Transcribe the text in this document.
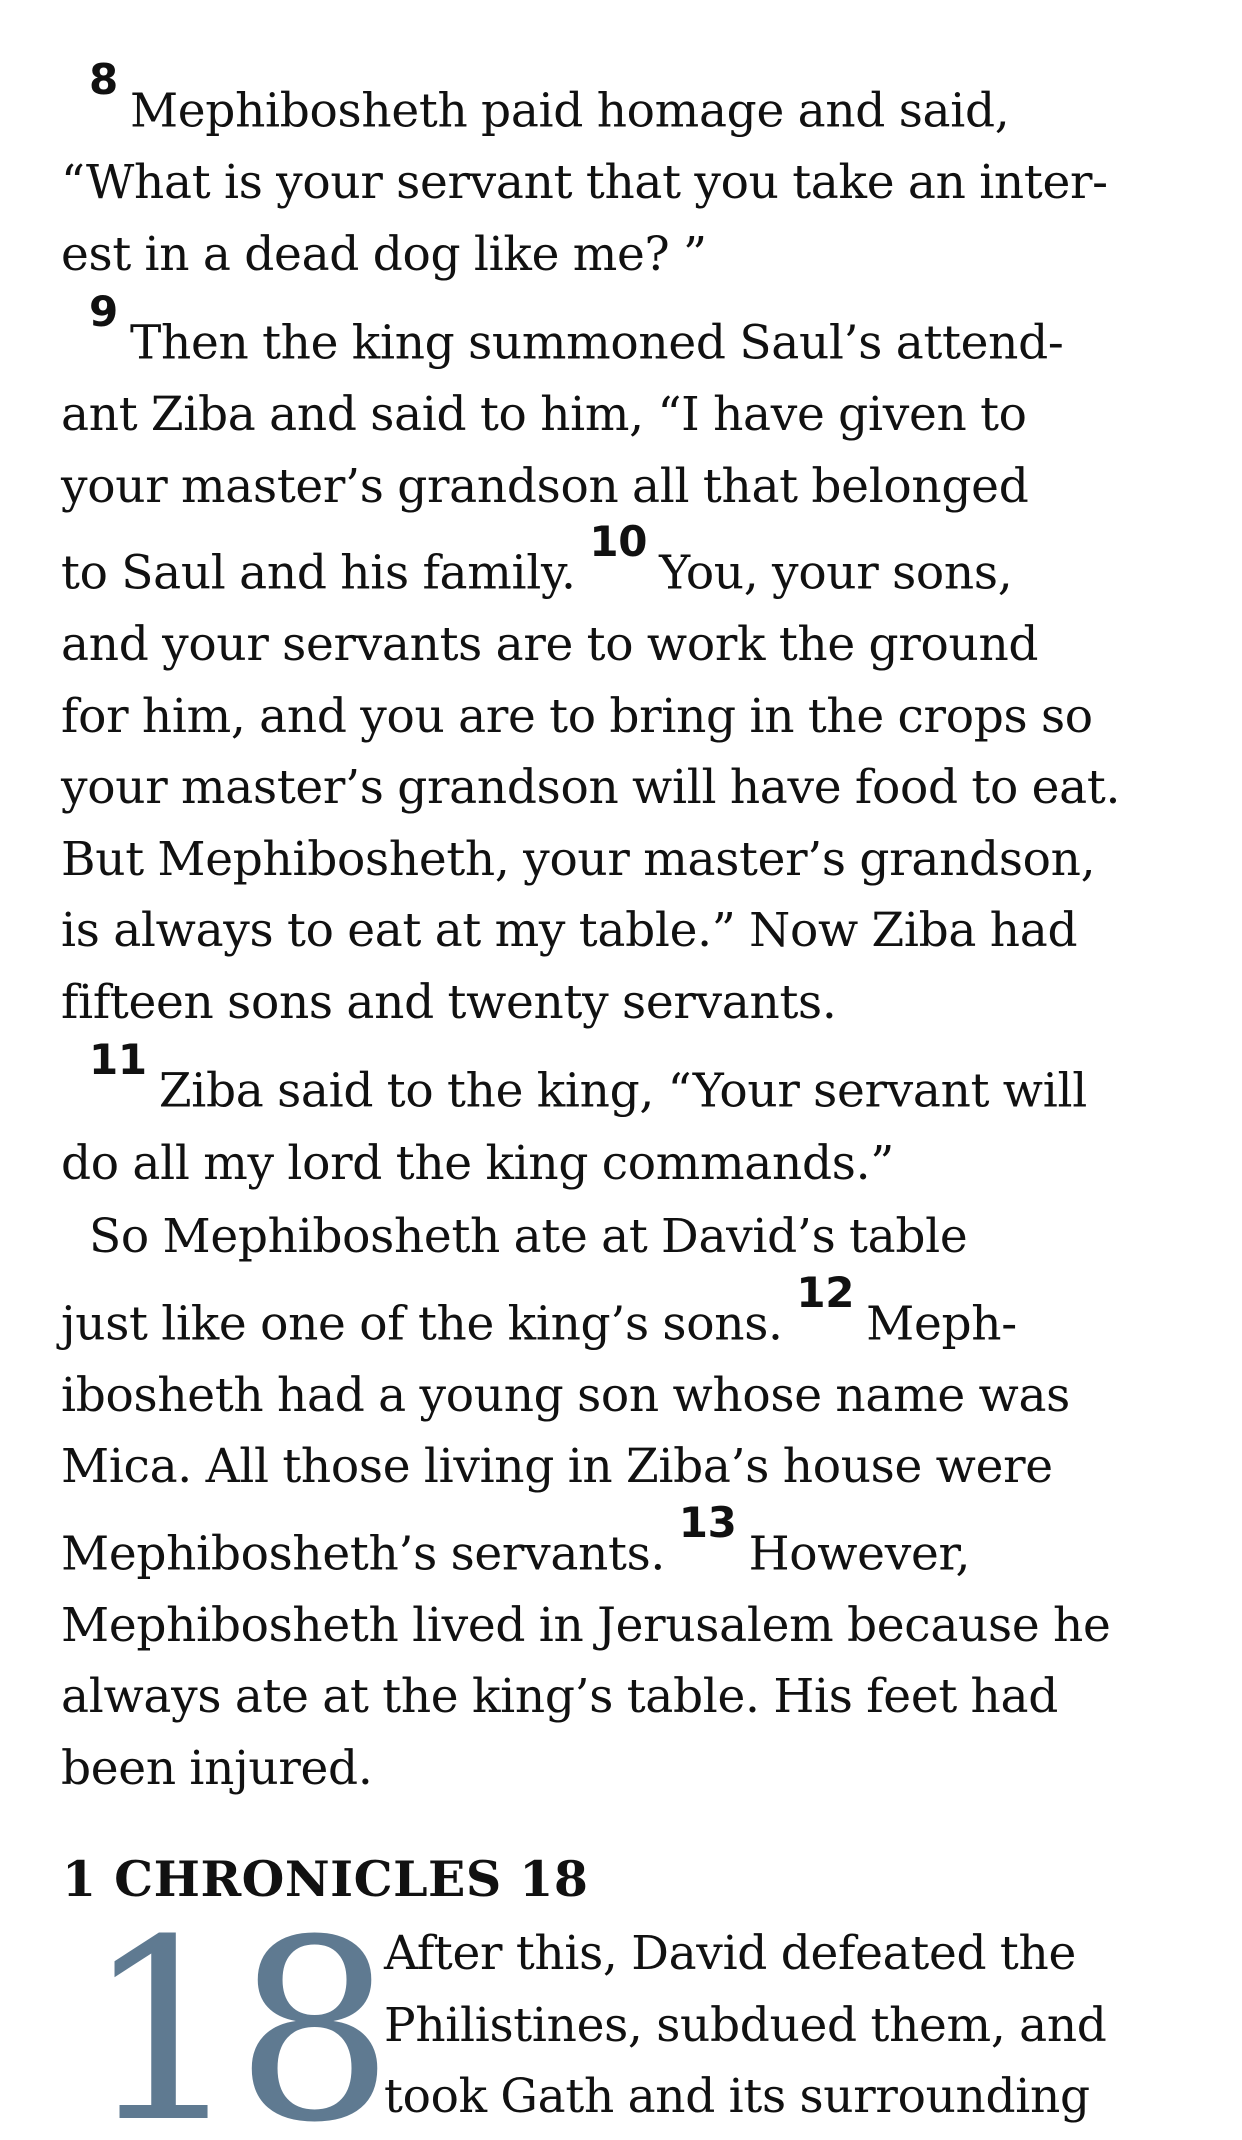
$^8$Mephibosheth paid homage and said,
“What is your servant that you take an inter-
est in a dead dog like me? ”
$^9$Then the king summoned Saul’s attend-
ant Ziba and said to him, “I have given to
your master’s grandson all that belonged
to Saul and his family. $^{10}$You, your sons,
and your servants are to work the ground
for him, and you are to bring in the crops so
your master’s grandson will have food to eat.
But Mephibosheth, your master’s grandson,
is always to eat at my table.” Now Ziba had
fifteen sons and twenty servants.
$^{11}$Ziba said to the king, “Your servant will
do all my lord the king commands.”
So Mephibosheth ate at David’s table
just like one of the king’s sons. $^{12}$Meph-
ibosheth had a young son whose name was
Mica. All those living in Ziba’s house were
Mephibosheth’s servants. $^{13}$However,
Mephibosheth lived in Jerusalem because he
always ate at the king’s table. His feet had
been injured.
1 CHRONICLES 18
18
After this, David defeated the
Philistines, subdued them, and
took Gath and its surrounding
